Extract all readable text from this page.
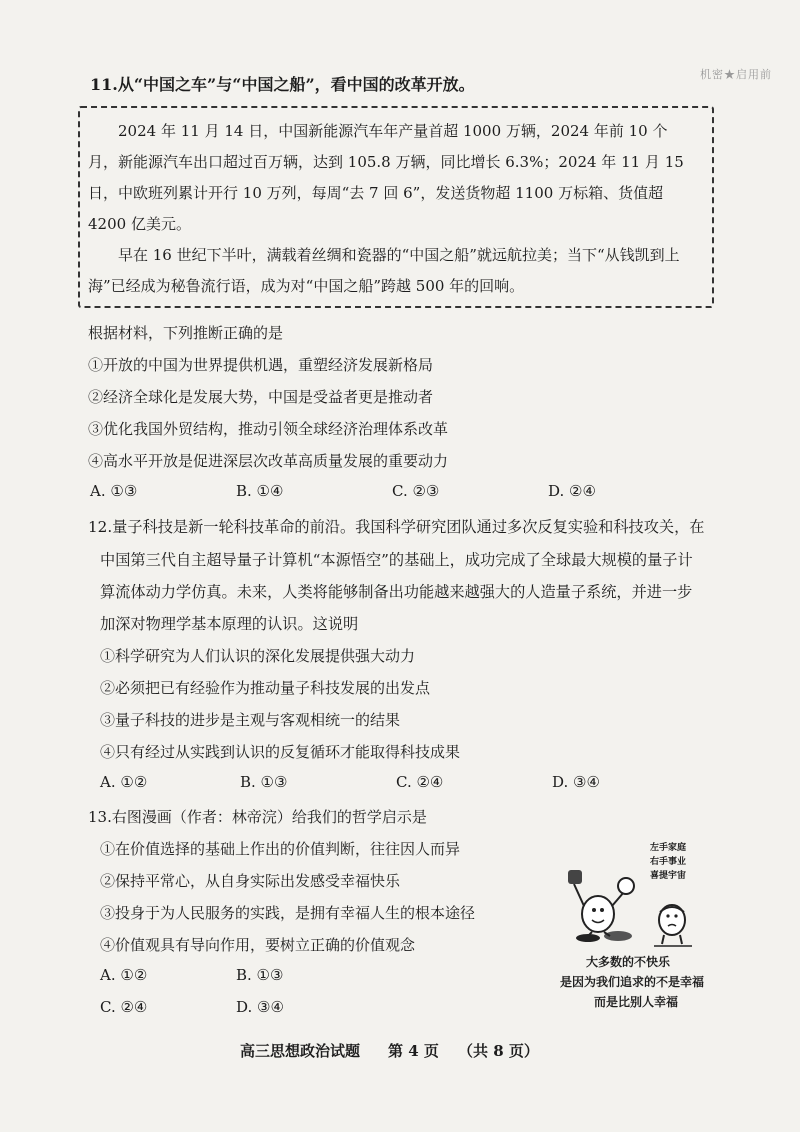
机密★启用前
11.从“中国之车”与“中国之船”，看中国的改革开放。
2024 年 11 月 14 日，中国新能源汽车年产量首超 1000 万辆，2024 年前 10 个
月，新能源汽车出口超过百万辆，达到 105.8 万辆，同比增长 6.3%；2024 年 11 月 15
日，中欧班列累计开行 10 万列，每周“去 7 回 6”，发送货物超 1100 万标箱、货值超
4200 亿美元。
早在 16 世纪下半叶，满载着丝绸和瓷器的“中国之船”就远航拉美；当下“从钱凯到上
海”已经成为秘鲁流行语，成为对“中国之船”跨越 500 年的回响。
根据材料，下列推断正确的是
①开放的中国为世界提供机遇，重塑经济发展新格局
②经济全球化是发展大势，中国是受益者更是推动者
③优化我国外贸结构，推动引领全球经济治理体系改革
④高水平开放是促进深层次改革高质量发展的重要动力
A. ①③	B. ①④	C. ②③	D. ②④
12.量子科技是新一轮科技革命的前沿。我国科学研究团队通过多次反复实验和科技攻关，在
中国第三代自主超导量子计算机“本源悟空”的基础上，成功完成了全球最大规模的量子计
算流体动力学仿真。未来，人类将能够制备出功能越来越强大的人造量子系统，并进一步
加深对物理学基本原理的认识。这说明
①科学研究为人们认识的深化发展提供强大动力
②必须把已有经验作为推动量子科技发展的出发点
③量子科技的进步是主观与客观相统一的结果
④只有经过从实践到认识的反复循环才能取得科技成果
A. ①②	B. ①③	C. ②④	D. ③④
13.右图漫画（作者：林帝浣）给我们的哲学启示是
①在价值选择的基础上作出的价值判断，往往因人而异
②保持平常心，从自身实际出发感受幸福快乐
③投身于为人民服务的实践，是拥有幸福人生的根本途径
④价值观具有导向作用，要树立正确的价值观念
A. ①②	B. ①③
C. ②④	D. ③④
左手家庭
右手事业
喜提宇宙
大多数的不快乐
是因为我们追求的不是幸福
而是比别人幸福
高三思想政治试题 第 4 页 （共 8 页）
